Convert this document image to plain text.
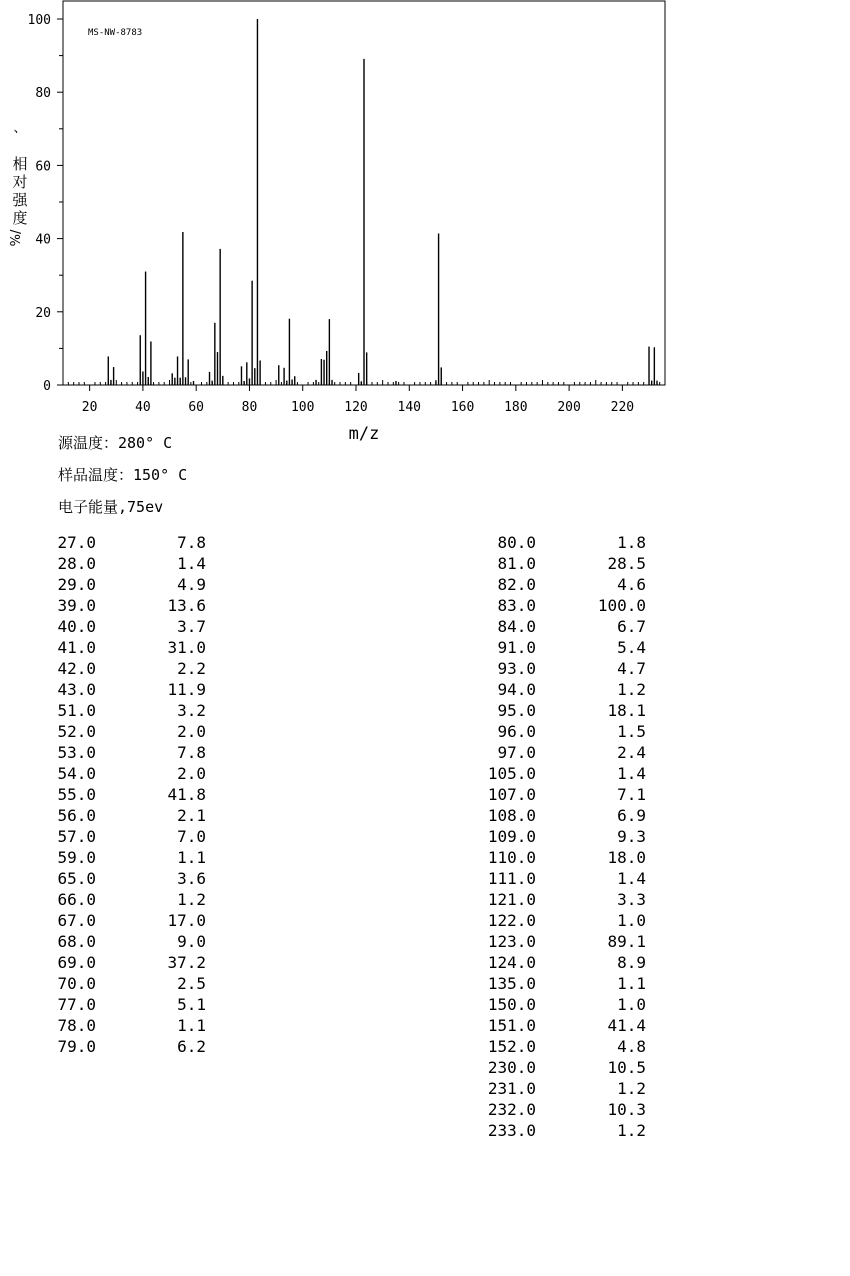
0
20
40
60
80
100
20	40	60	80	100 120 140 160 180 200 220
MS-NW-8783
m/z
、
相
对
强
度
%/
源温度：280° C
样品温度：150° C
电子能量,75ev
27.0	7.8
28.0	1.4
29.0	4.9
39.0	13.6
40.0	3.7
41.0	31.0
42.0	2.2
43.0	11.9
51.0	3.2
52.0	2.0
53.0	7.8
54.0	2.0
55.0	41.8
56.0	2.1
57.0	7.0
59.0	1.1
65.0	3.6
66.0	1.2
67.0	17.0
68.0	9.0
69.0	37.2
70.0	2.5
77.0	5.1
78.0	1.1
79.0	6.2
80.0	1.8
81.0	28.5
82.0	4.6
83.0	100.0
84.0	6.7
91.0	5.4
93.0	4.7
94.0	1.2
95.0	18.1
96.0	1.5
97.0	2.4
105.0	1.4
107.0	7.1
108.0	6.9
109.0	9.3
110.0	18.0
111.0	1.4
121.0	3.3
122.0	1.0
123.0	89.1
124.0	8.9
135.0	1.1
150.0	1.0
151.0	41.4
152.0	4.8
230.0	10.5
231.0	1.2
232.0	10.3
233.0	1.2
